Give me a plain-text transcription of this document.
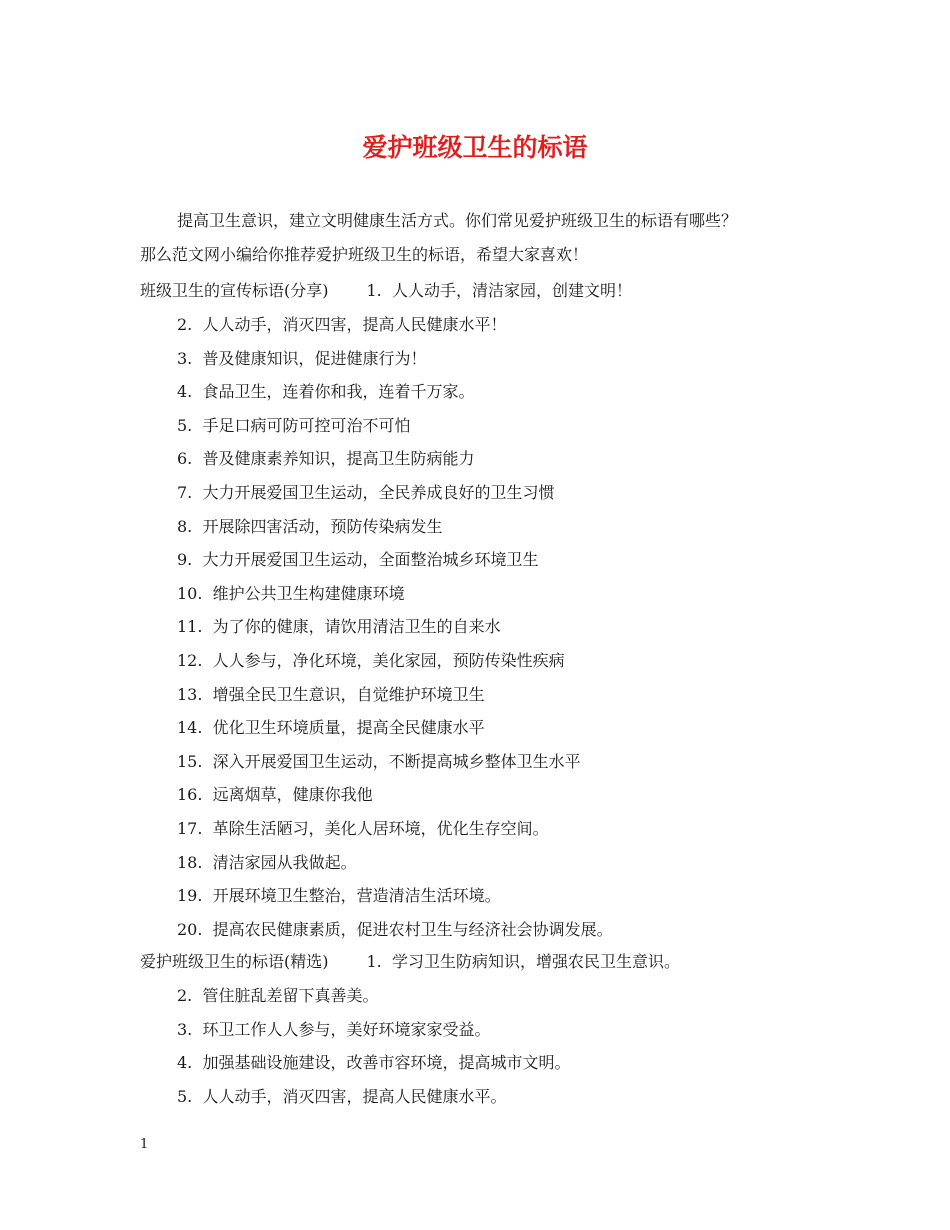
爱护班级卫生的标语
提高卫生意识，建立文明健康生活方式。你们常见爱护班级卫生的标语有哪些？
那么范文网小编给你推荐爱护班级卫生的标语，希望大家喜欢！
班级卫生的宣传标语(分享) 1. 人人动手，清洁家园，创建文明！
2. 人人动手，消灭四害，提高人民健康水平！
3. 普及健康知识，促进健康行为！
4. 食品卫生，连着你和我，连着千万家。
5. 手足口病可防可控可治不可怕
6. 普及健康素养知识，提高卫生防病能力
7. 大力开展爱国卫生运动，全民养成良好的卫生习惯
8. 开展除四害活动，预防传染病发生
9. 大力开展爱国卫生运动，全面整治城乡环境卫生
10. 维护公共卫生构建健康环境
11. 为了你的健康，请饮用清洁卫生的自来水
12. 人人参与，净化环境，美化家园，预防传染性疾病
13. 增强全民卫生意识，自觉维护环境卫生
14. 优化卫生环境质量，提高全民健康水平
15. 深入开展爱国卫生运动，不断提高城乡整体卫生水平
16. 远离烟草，健康你我他
17. 革除生活陋习，美化人居环境，优化生存空间。
18. 清洁家园从我做起。
19. 开展环境卫生整治，营造清洁生活环境。
20. 提高农民健康素质，促进农村卫生与经济社会协调发展。
爱护班级卫生的标语(精选) 1. 学习卫生防病知识，增强农民卫生意识。
2. 管住脏乱差留下真善美。
3. 环卫工作人人参与，美好环境家家受益。
4. 加强基础设施建设，改善市容环境，提高城市文明。
5. 人人动手，消灭四害，提高人民健康水平。
1
